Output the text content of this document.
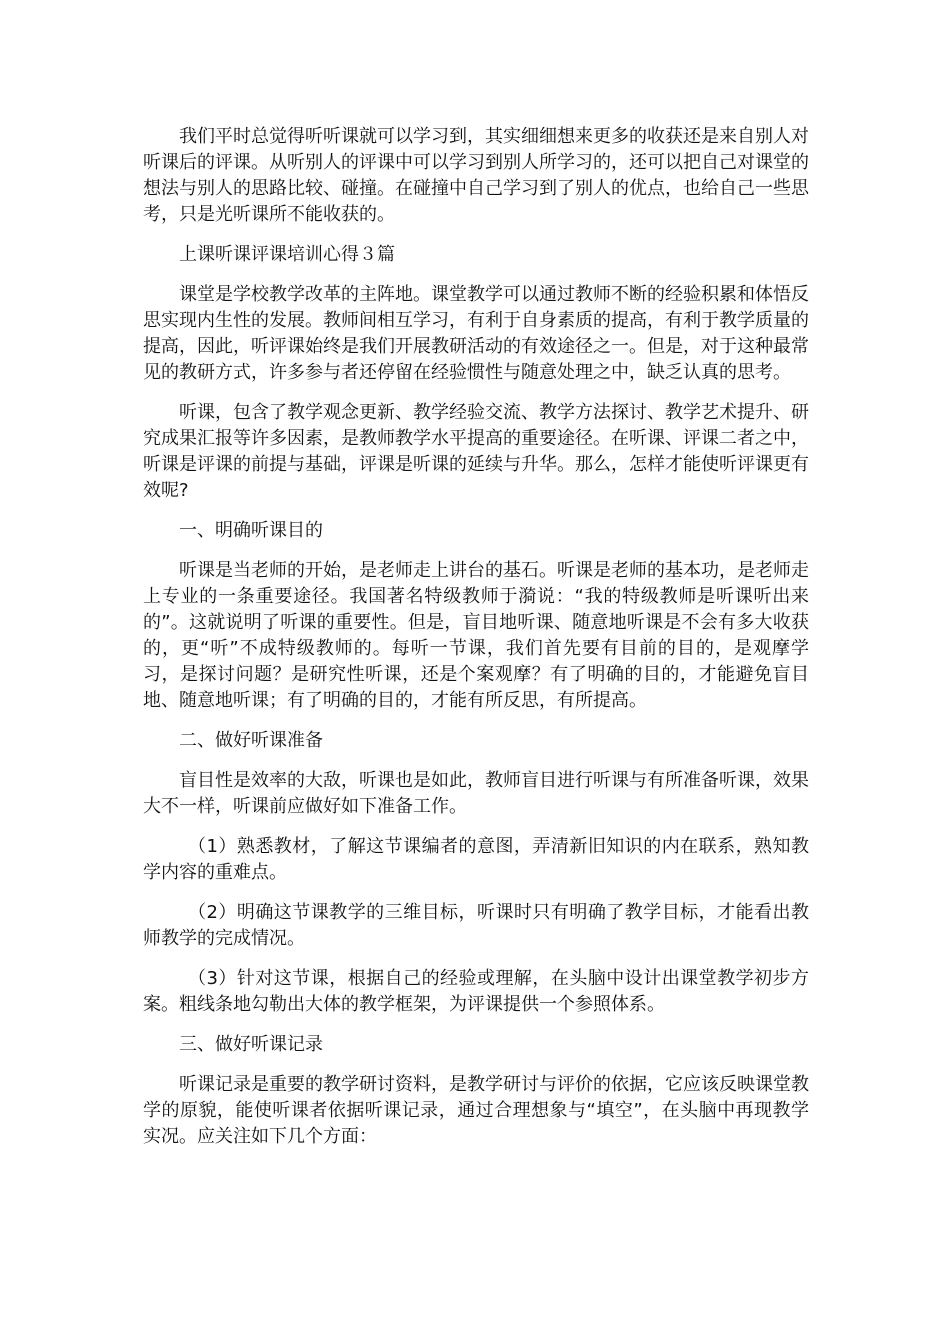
我们平时总觉得听听课就可以学习到，其实细细想来更多的收获还是来自别人对听课后的评课。从听别人的评课中可以学习到别人所学习的，还可以把自己对课堂的想法与别人的思路比较、碰撞。在碰撞中自己学习到了别人的优点，也给自己一些思考，只是光听课所不能收获的。

上课听课评课培训心得３篇

课堂是学校教学改革的主阵地。课堂教学可以通过教师不断的经验积累和体悟反思实现内生性的发展。教师间相互学习，有利于自身素质的提高，有利于教学质量的提高，因此，听评课始终是我们开展教研活动的有效途径之一。但是，对于这种最常见的教研方式，许多参与者还停留在经验惯性与随意处理之中，缺乏认真的思考。

听课，包含了教学观念更新、教学经验交流、教学方法探讨、教学艺术提升、研究成果汇报等许多因素，是教师教学水平提高的重要途径。在听课、评课二者之中，听课是评课的前提与基础，评课是听课的延续与升华。那么，怎样才能使听评课更有效呢?

一、明确听课目的

听课是当老师的开始，是老师走上讲台的基石。听课是老师的基本功，是老师走上专业的一条重要途径。我国著名特级教师于漪说：“我的特级教师是听课听出来的”。这就说明了听课的重要性。但是，盲目地听课、随意地听课是不会有多大收获的，更“听”不成特级教师的。每听一节课，我们首先要有目前的目的，是观摩学习，是探讨问题？是研究性听课，还是个案观摩？有了明确的目的，才能避免盲目地、随意地听课；有了明确的目的，才能有所反思，有所提高。

二、做好听课准备

盲目性是效率的大敌，听课也是如此，教师盲目进行听课与有所准备听课，效果大不一样，听课前应做好如下准备工作。

（1）熟悉教材，了解这节课编者的意图，弄清新旧知识的内在联系，熟知教学内容的重难点。

（2）明确这节课教学的三维目标，听课时只有明确了教学目标，才能看出教师教学的完成情况。

（3）针对这节课，根据自己的经验或理解，在头脑中设计出课堂教学初步方案。粗线条地勾勒出大体的教学框架，为评课提供一个参照体系。

三、做好听课记录

听课记录是重要的教学研讨资料，是教学研讨与评价的依据，它应该反映课堂教学的原貌，能使听课者依据听课记录，通过合理想象与“填空”，在头脑中再现教学实况。应关注如下几个方面：
